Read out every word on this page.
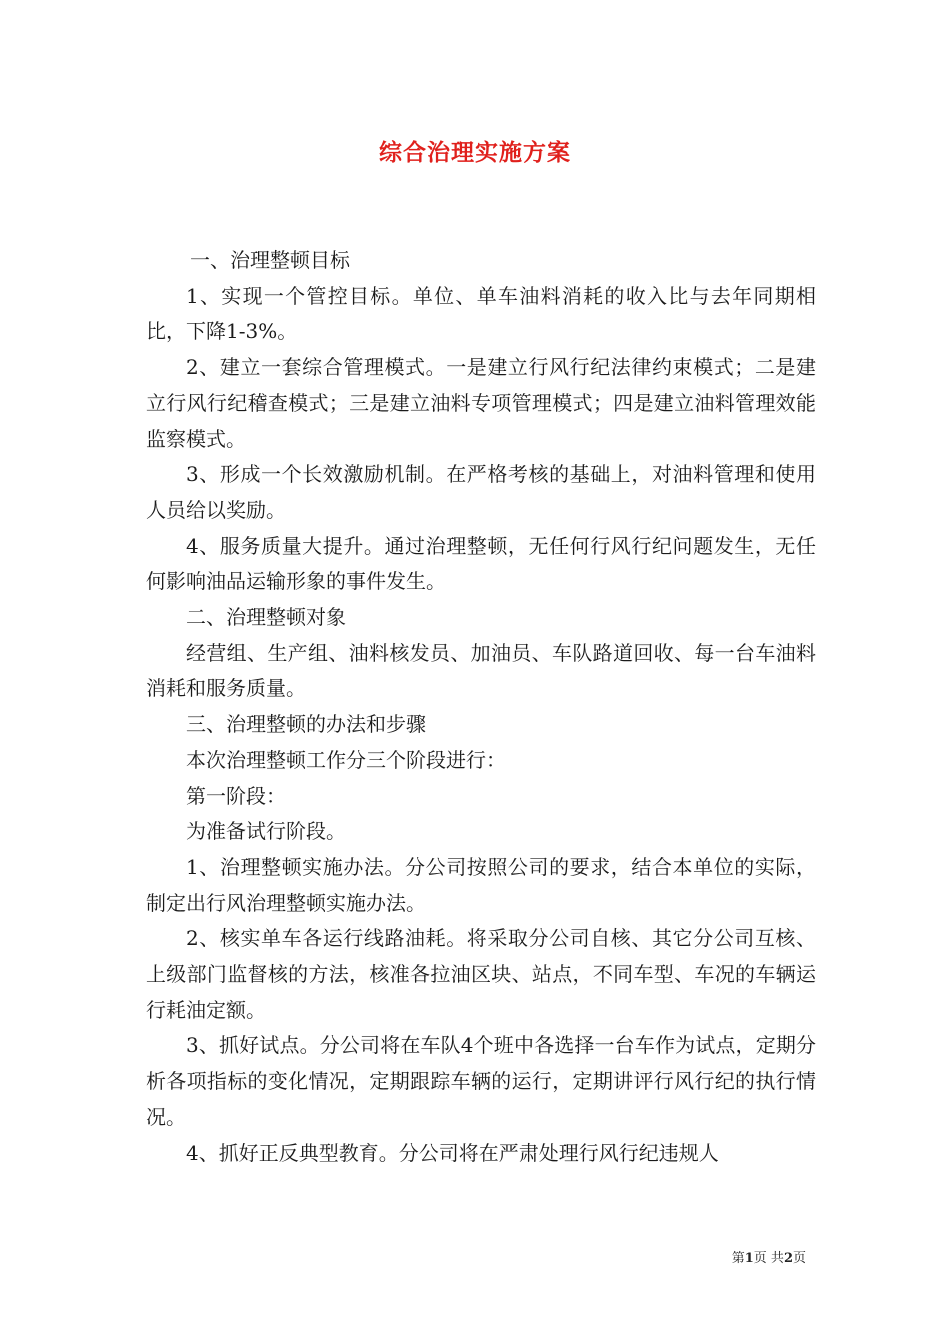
综合治理实施方案

一、治理整顿目标

1、实现一个管控目标。单位、单车油料消耗的收入比与去年同期相比，下降1-3%。

2、建立一套综合管理模式。一是建立行风行纪法律约束模式；二是建立行风行纪稽查模式；三是建立油料专项管理模式；四是建立油料管理效能监察模式。

3、形成一个长效激励机制。在严格考核的基础上，对油料管理和使用人员给以奖励。

4、服务质量大提升。通过治理整顿，无任何行风行纪问题发生，无任何影响油品运输形象的事件发生。

二、治理整顿对象

经营组、生产组、油料核发员、加油员、车队路道回收、每一台车油料消耗和服务质量。

三、治理整顿的办法和步骤

本次治理整顿工作分三个阶段进行：

第一阶段：

为准备试行阶段。

1、治理整顿实施办法。分公司按照公司的要求，结合本单位的实际，制定出行风治理整顿实施办法。

2、核实单车各运行线路油耗。将采取分公司自核、其它分公司互核、上级部门监督核的方法，核准各拉油区块、站点，不同车型、车况的车辆运行耗油定额。

3、抓好试点。分公司将在车队4个班中各选择一台车作为试点，定期分析各项指标的变化情况，定期跟踪车辆的运行，定期讲评行风行纪的执行情况。

4、抓好正反典型教育。分公司将在严肃处理行风行纪违规人

第1页 共2页
